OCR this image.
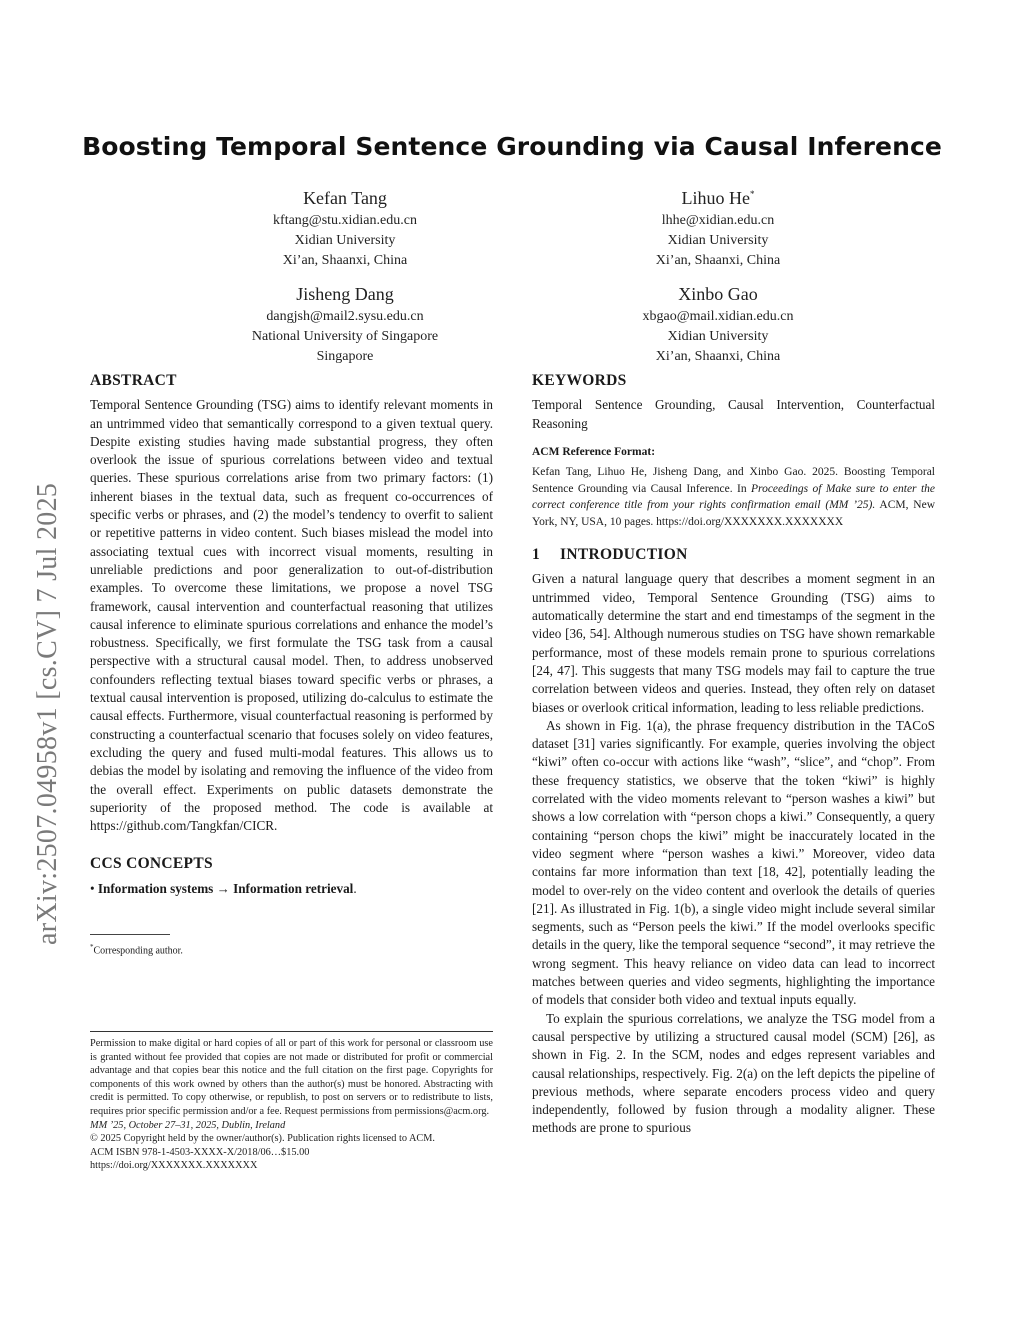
arXiv:2507.04958v1 [cs.CV] 7 Jul 2025
Boosting Temporal Sentence Grounding via Causal Inference
Kefan Tang
kftang@stu.xidian.edu.cn
Xidian University
Xi’an, Shaanxi, China
Lihuo He*
lhhe@xidian.edu.cn
Xidian University
Xi’an, Shaanxi, China
Jisheng Dang
dangjsh@mail2.sysu.edu.cn
National University of Singapore
Singapore
Xinbo Gao
xbgao@mail.xidian.edu.cn
Xidian University
Xi’an, Shaanxi, China
ABSTRACT

Temporal Sentence Grounding (TSG) aims to identify relevant moments in an untrimmed video that semantically correspond to a given textual query. Despite existing studies having made substantial progress, they often overlook the issue of spurious correlations between video and textual queries. These spurious correlations arise from two primary factors: (1) inherent biases in the textual data, such as frequent co-occurrences of specific verbs or phrases, and (2) the model’s tendency to overfit to salient or repetitive patterns in video content. Such biases mislead the model into associating textual cues with incorrect visual moments, resulting in unreliable predictions and poor generalization to out-of-distribution examples. To overcome these limitations, we propose a novel TSG framework, causal intervention and counterfactual reasoning that utilizes causal inference to eliminate spurious correlations and enhance the model’s robustness. Specifically, we first formulate the TSG task from a causal perspective with a structural causal model. Then, to address unobserved confounders reflecting textual biases toward specific verbs or phrases, a textual causal intervention is proposed, utilizing do-calculus to estimate the causal effects. Furthermore, visual counterfactual reasoning is performed by constructing a counterfactual scenario that focuses solely on video features, excluding the query and fused multi-modal features. This allows us to debias the model by isolating and removing the influence of the video from the overall effect. Experiments on public datasets demonstrate the superiority of the proposed method. The code is available at https://github.com/Tangkfan/CICR.

CCS CONCEPTS

• Information systems → Information retrieval.

*Corresponding author.

Permission to make digital or hard copies of all or part of this work for personal or classroom use is granted without fee provided that copies are not made or distributed for profit or commercial advantage and that copies bear this notice and the full citation on the first page. Copyrights for components of this work owned by others than the author(s) must be honored. Abstracting with credit is permitted. To copy otherwise, or republish, to post on servers or to redistribute to lists, requires prior specific permission and/or a fee. Request permissions from permissions@acm.org.

MM ’25, October 27–31, 2025, Dublin, Ireland

© 2025 Copyright held by the owner/author(s). Publication rights licensed to ACM.

ACM ISBN 978-1-4503-XXXX-X/2018/06…$15.00

https://doi.org/XXXXXXX.XXXXXXX

KEYWORDS

Temporal Sentence Grounding, Causal Intervention, Counterfactual Reasoning

ACM Reference Format:

Kefan Tang, Lihuo He, Jisheng Dang, and Xinbo Gao. 2025. Boosting Temporal Sentence Grounding via Causal Inference. In Proceedings of Make sure to enter the correct conference title from your rights confirmation email (MM ’25). ACM, New York, NY, USA, 10 pages. https://doi.org/XXXXXXX.XXXXXXX

1 INTRODUCTION

Given a natural language query that describes a moment segment in an untrimmed video, Temporal Sentence Grounding (TSG) aims to automatically determine the start and end timestamps of the segment in the video [36, 54]. Although numerous studies on TSG have shown remarkable performance, most of these models remain prone to spurious correlations [24, 47]. This suggests that many TSG models may fail to capture the true correlation between videos and queries. Instead, they often rely on dataset biases or overlook critical information, leading to less reliable predictions.

As shown in Fig. 1(a), the phrase frequency distribution in the TACoS dataset [31] varies significantly. For example, queries involving the object “kiwi” often co-occur with actions like “wash”, “slice”, and “chop”. From these frequency statistics, we observe that the token “kiwi” is highly correlated with the video moments relevant to “person washes a kiwi” but shows a low correlation with “person chops a kiwi.” Consequently, a query containing “person chops the kiwi” might be inaccurately located in the video segment where “person washes a kiwi.” Moreover, video data contains far more information than text [18, 42], potentially leading the model to over-rely on the video content and overlook the details of queries [21]. As illustrated in Fig. 1(b), a single video might include several similar segments, such as “Person peels the kiwi.” If the model overlooks specific details in the query, like the temporal sequence “second”, it may retrieve the wrong segment. This heavy reliance on video data can lead to incorrect matches between queries and video segments, highlighting the importance of models that consider both video and textual inputs equally.

To explain the spurious correlations, we analyze the TSG model from a causal perspective by utilizing a structured causal model (SCM) [26], as shown in Fig. 2. In the SCM, nodes and edges represent variables and causal relationships, respectively. Fig. 2(a) on the left depicts the pipeline of previous methods, where separate encoders process video and query independently, followed by fusion through a modality aligner. These methods are prone to spurious
